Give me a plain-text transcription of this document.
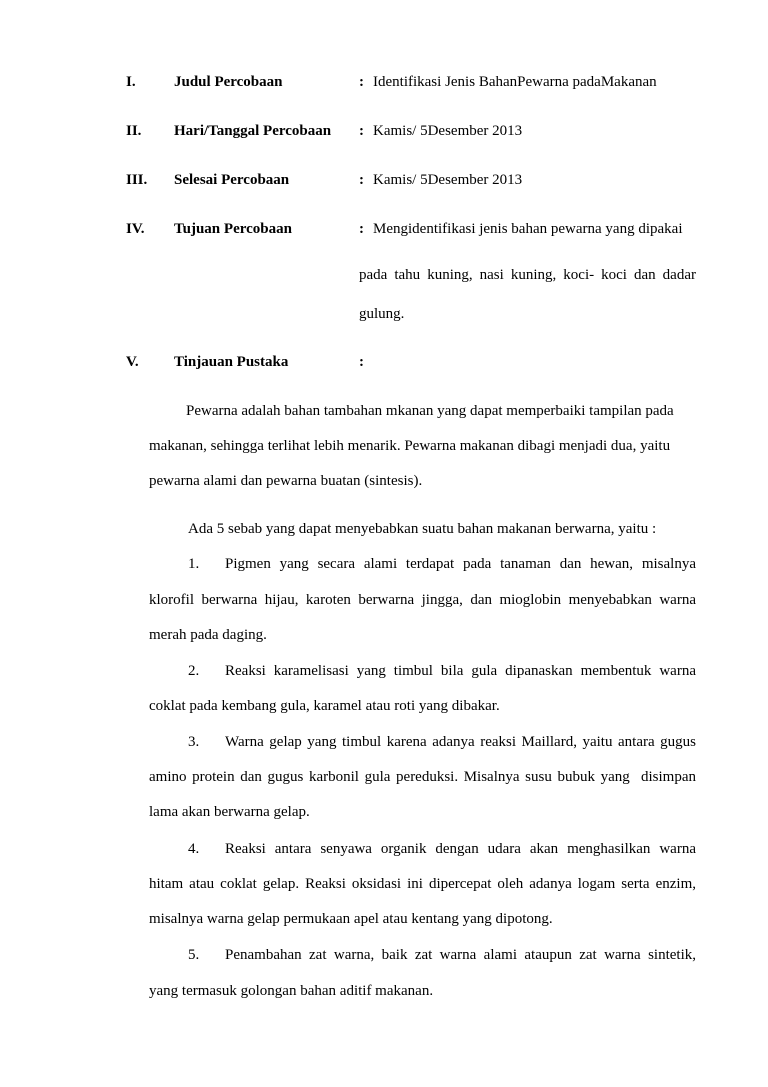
I.	Judul Percobaan	: Identifikasi Jenis BahanPewarna padaMakanan
II. Hari/Tanggal Percobaan : Kamis/ 5Desember 2013
III. Selesai Percobaan	: Kamis/ 5Desember 2013
IV. Tujuan Percobaan	: Mengidentifikasi jenis bahan pewarna yang dipakai
pada tahu kuning, nasi kuning, koci- koci dan dadar
gulung.
V. Tinjauan Pustaka	:
Pewarna adalah bahan tambahan mkanan yang dapat memperbaiki tampilan pada
makanan, sehingga terlihat lebih menarik. Pewarna makanan dibagi menjadi dua, yaitu
pewarna alami dan pewarna buatan (sintesis).
Ada 5 sebab yang dapat menyebabkan suatu bahan makanan berwarna, yaitu :
1.	Pigmen yang secara alami terdapat pada tanaman dan hewan, misalnya
klorofil berwarna hijau, karoten berwarna jingga, dan mioglobin menyebabkan warna
merah pada daging.
2.	Reaksi karamelisasi yang timbul bila gula dipanaskan membentuk warna
coklat pada kembang gula, karamel atau roti yang dibakar.
3.	Warna gelap yang timbul karena adanya reaksi Maillard, yaitu antara gugus
amino protein dan gugus karbonil gula pereduksi. Misalnya susu bubuk yang  disimpan
lama akan berwarna gelap.
4.	Reaksi antara senyawa organik dengan udara akan menghasilkan warna
hitam atau coklat gelap. Reaksi oksidasi ini dipercepat oleh adanya logam serta enzim,
misalnya warna gelap permukaan apel atau kentang yang dipotong.
5.	Penambahan zat warna, baik zat warna alami ataupun zat warna sintetik,
yang termasuk golongan bahan aditif makanan.
